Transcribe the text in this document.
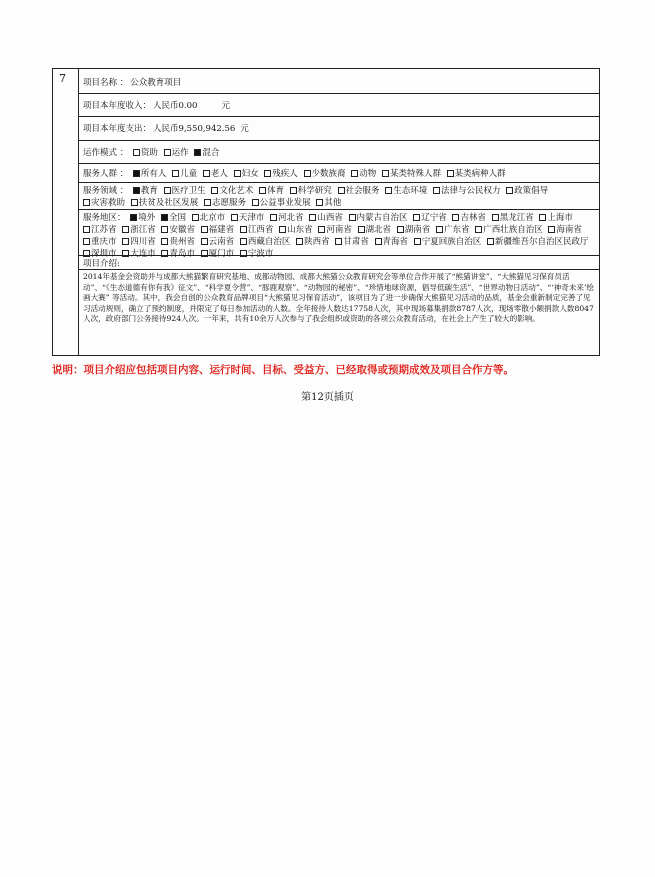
7	项目名称 ： 公众教育项目
项目本年度收入： 人民币0.00	元
项目本年度支出： 人民币9,550,942.56 元
运作模式 ： 资助 运作 混合
服务人群 ： 所有人 儿童 老人 妇女 残疾人 少数族裔 动物 某类特殊人群 某类病种人群
服务领域 ： 教育 医疗卫生 文化艺术 体育 科学研究 社会服务 生态环境 法律与公民权力 政策倡导 灾害救助 扶贫及社区发展 志愿服务 公益事业发展 其他
服务地区： 境外 全国 北京市 天津市 河北省 山西省 内蒙古自治区 辽宁省 吉林省 黑龙江省 上海市 江苏省 浙江省 安徽省 福建省 江西省 山东省 河南省 湖北省 湖南省 广东省 广西壮族自治区 海南省 重庆市 四川省 贵州省 云南省 西藏自治区 陕西省 甘肃省 青海省 宁夏回族自治区 新疆维吾尔自治区民政厅 深圳市 大连市 青岛市 厦门市 宁波市
项目介绍:
2014年基金会资助并与成都大熊猫繁育研究基地、成都动物园、成都大熊猫公众教育研究会等单位合作开展了“熊猫讲堂”、“大熊猫见习保育员活动”、“《生态道德有你有我》征文”、“科学夏令营”、“豚鹿观察”、“动物园的秘密”、“珍惜地球资源，倡导低碳生活”、“世界动物日活动”、“‘神奇未来’绘画大赛” 等活动。其中，我会自创的公众教育品牌项目“大熊猫见习保育活动”，该项目为了进一步确保大熊猫见习活动的品质，基金会重新制定完善了见习活动规则，确立了预约制度，并限定了每日参加活动的人数。全年接待人数达17758人次，其中现场募集捐款8787人次，现场零散小额捐款人数8047人次，政府部门公务接待924人次。一年来，共有10余万人次参与了我会组织或资助的各项公众教育活动，在社会上产生了较大的影响。
说明：项目介绍应包括项目内容、运行时间、目标、受益方、已经取得或预期成效及项目合作方等。
第12页插页
